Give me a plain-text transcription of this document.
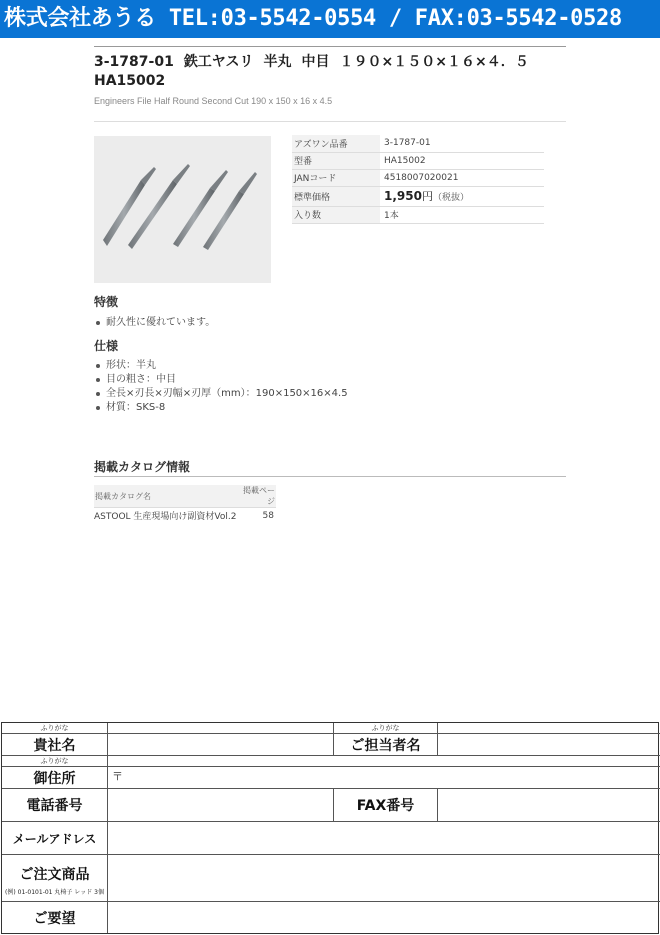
株式会社あうる TEL:03-5542-0554 / FAX:03-5542-0528
3-1787-01 鉄工ヤスリ 半丸 中目 １９０×１５０×１６×４．５
HA15002
Engineers File Half Round Second Cut 190 x 150 x 16 x 4.5
アズワン品番	3-1787-01
型番	HA15002
JANコード	4518007020021
標準価格	1,950円（税抜）
入り数	1本
特徴
耐久性に優れています。
仕様
形状：半丸
目の粗さ：中目
全長×刃長×刃幅×刃厚（mm）：190×150×16×4.5
材質：SKS-8
掲載カタログ情報
掲載カタログ名	掲載ページ
ASTOOL 生産現場向け副資材Vol.2	58
ふりがな	ふりがな
貴社名	ご担当者名
ふりがな
御住所	〒
電話番号	FAX番号
メールアドレス
ご注文商品
(例) 01-0101-01 丸椅子 レッド 3個
ご要望
